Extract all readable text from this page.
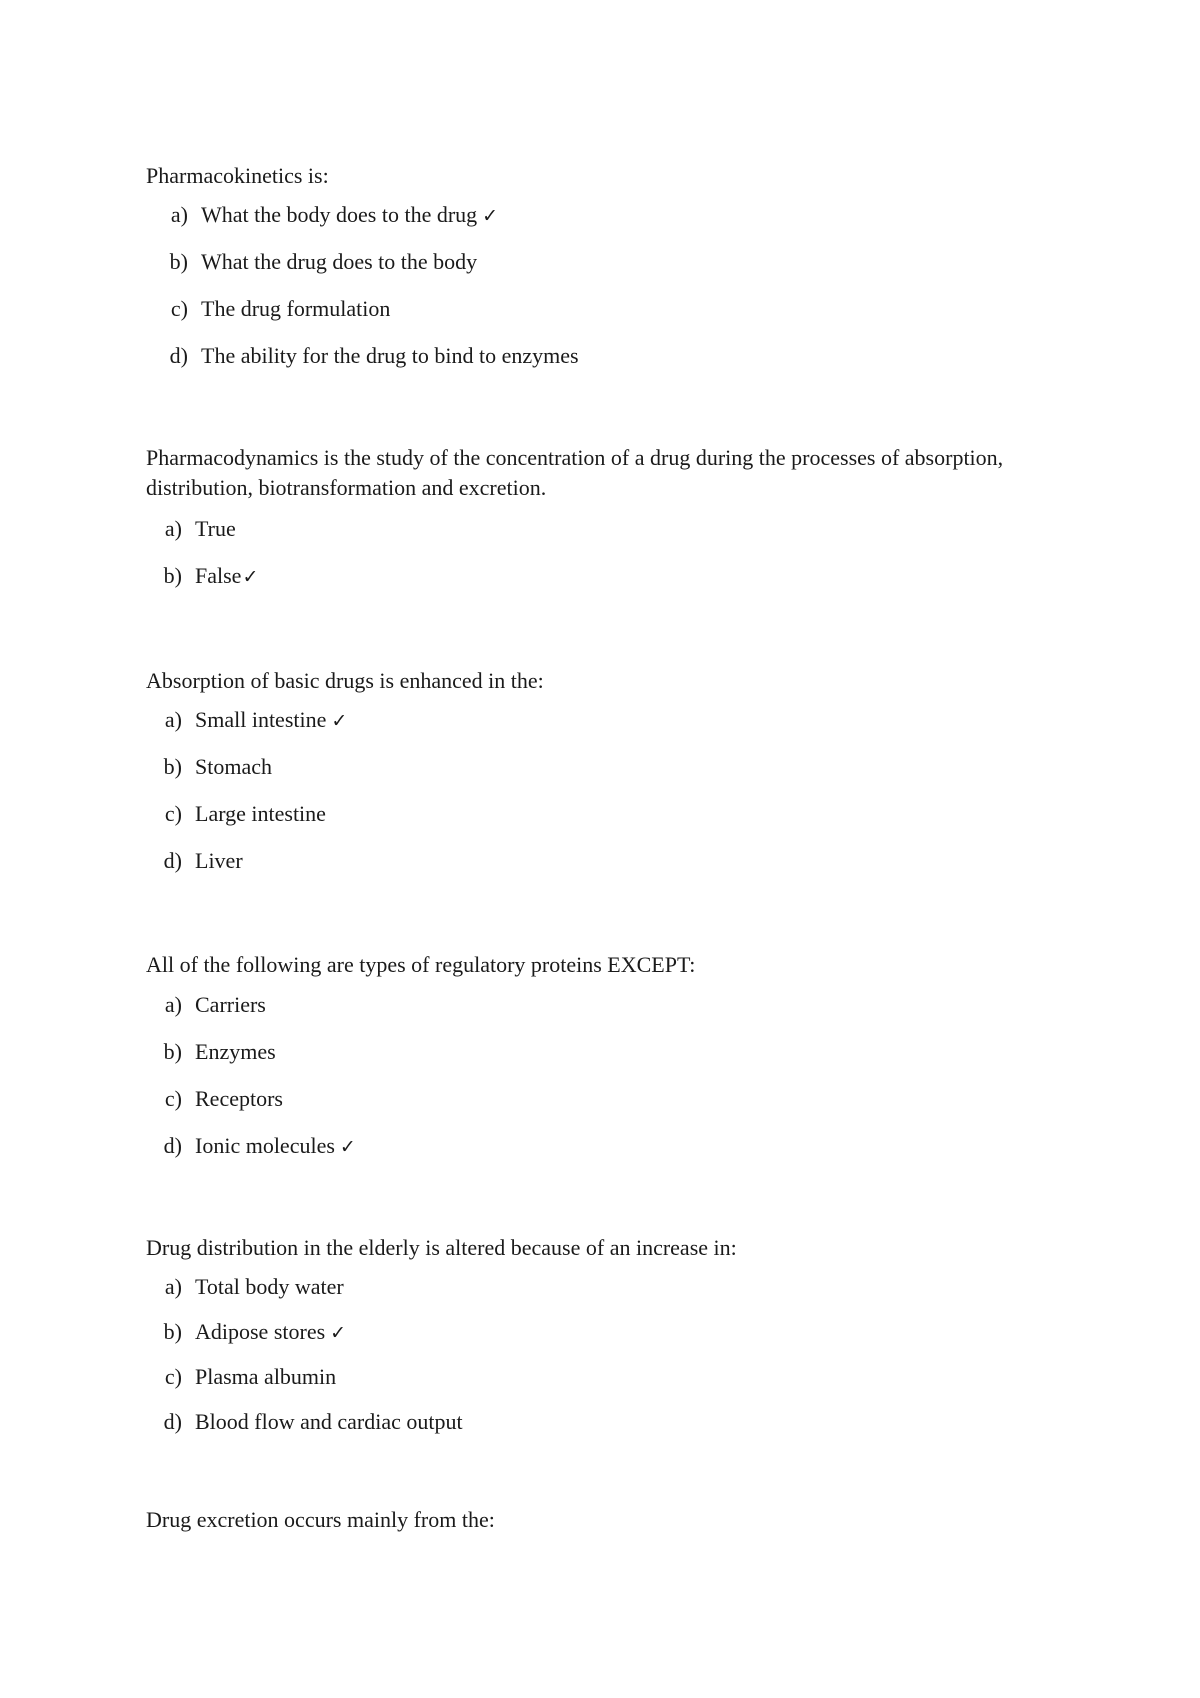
Pharmacokinetics is:

a) What the body does to the drug ✓
b) What the drug does to the body
c) The drug formulation
d) The ability for the drug to bind to enzymes

Pharmacodynamics is the study of the concentration of a drug during the processes of absorption, distribution, biotransformation and excretion.

a) True
b) False ✓

Absorption of basic drugs is enhanced in the:

a) Small intestine ✓
b) Stomach
c) Large intestine
d) Liver

All of the following are types of regulatory proteins EXCEPT:

a) Carriers
b) Enzymes
c) Receptors
d) Ionic molecules ✓

Drug distribution in the elderly is altered because of an increase in:

a) Total body water
b) Adipose stores ✓
c) Plasma albumin
d) Blood flow and cardiac output

Drug excretion occurs mainly from the:
